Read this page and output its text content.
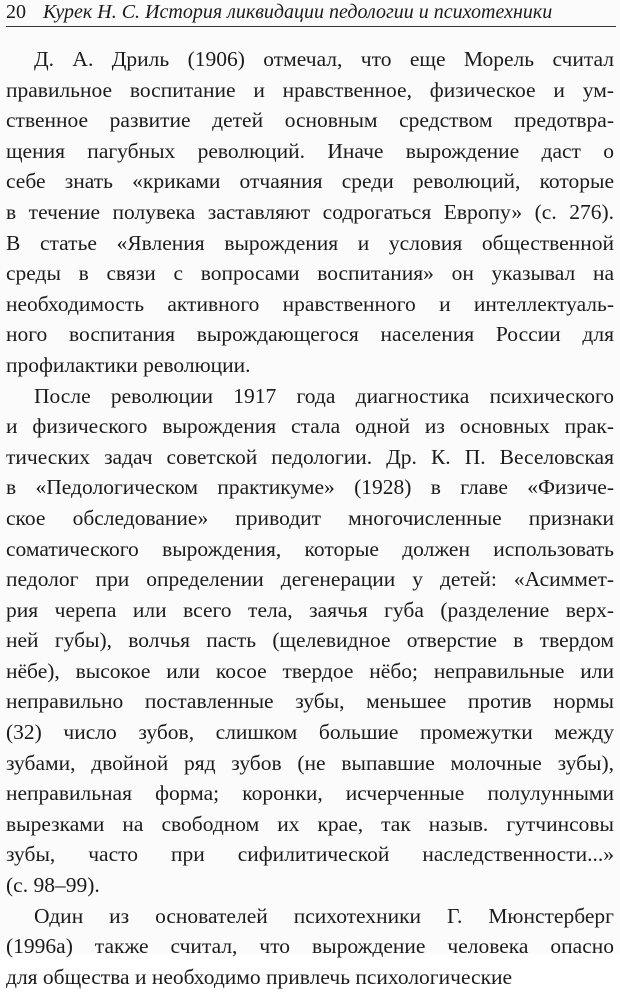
20 Курек Н. С. История ликвидации педологии и психотехники
Д. А. Дриль (1906) отмечал, что еще Морель считал
правильное воспитание и нравственное, физическое и ум-
ственное развитие детей основным средством предотвра-
щения пагубных революций. Иначе вырождение даст о
себе знать «криками отчаяния среди революций, которые
в течение полувека заставляют содрогаться Европу» (с. 276).
В статье «Явления вырождения и условия общественной
среды в связи с вопросами воспитания» он указывал на
необходимость активного нравственного и интеллектуаль-
ного воспитания вырождающегося населения России для
профилактики революции.
После революции 1917 года диагностика психического
и физического вырождения стала одной из основных прак-
тических задач советской педологии. Др. К. П. Веселовская
в «Педологическом практикуме» (1928) в главе «Физиче-
ское обследование» приводит многочисленные признаки
соматического вырождения, которые должен использовать
педолог при определении дегенерации у детей: «Асиммет-
рия черепа или всего тела, заячья губа (разделение верх-
ней губы), волчья пасть (щелевидное отверстие в твердом
нёбе), высокое или косое твердое нёбо; неправильные или
неправильно поставленные зубы, меньшее против нормы
(32) число зубов, слишком большие промежутки между
зубами, двойной ряд зубов (не выпавшие молочные зубы),
неправильная форма; коронки, исчерченные полулунными
вырезками на свободном их крае, так назыв. гутчинсовы
зубы, часто при сифилитической наследственности...»
(с. 98–99).
Один из основателей психотехники Г. Мюнстерберг
(1996а) также считал, что вырождение человека опасно
для общества и необходимо привлечь психологические
